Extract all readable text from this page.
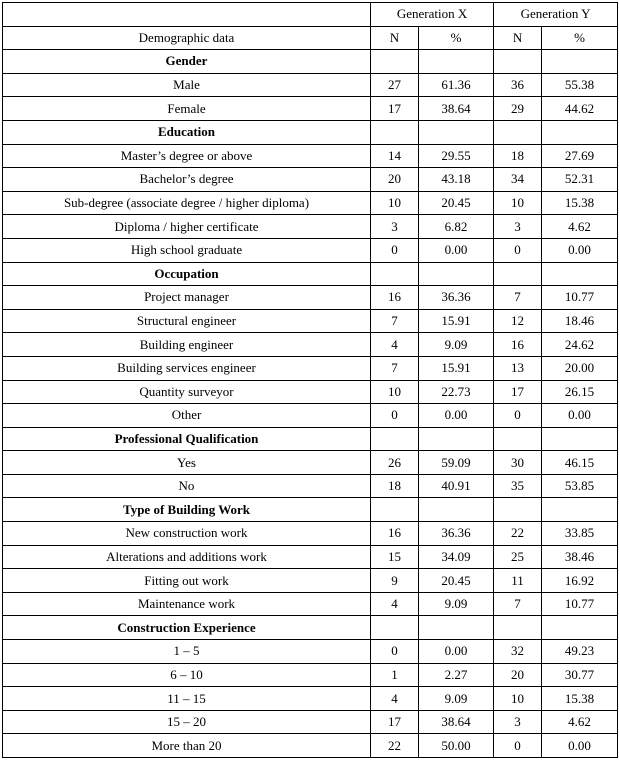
	Generation X		Generation Y	
Demographic data	N	%	N	%
Gender				
Male	27	61.36	36	55.38
Female	17	38.64	29	44.62
Education				
Master’s degree or above	14	29.55	18	27.69
Bachelor’s degree	20	43.18	34	52.31
Sub-degree (associate degree / higher diploma)	10	20.45	10	15.38
Diploma / higher certificate	3	6.82	3	4.62
High school graduate	0	0.00	0	0.00
Occupation				
Project manager	16	36.36	7	10.77
Structural engineer	7	15.91	12	18.46
Building engineer	4	9.09	16	24.62
Building services engineer	7	15.91	13	20.00
Quantity surveyor	10	22.73	17	26.15
Other	0	0.00	0	0.00
Professional Qualification				
Yes	26	59.09	30	46.15
No	18	40.91	35	53.85
Type of Building Work				
New construction work	16	36.36	22	33.85
Alterations and additions work	15	34.09	25	38.46
Fitting out work	9	20.45	11	16.92
Maintenance work	4	9.09	7	10.77
Construction Experience				
1 – 5	0	0.00	32	49.23
6 – 10	1	2.27	20	30.77
11 – 15	4	9.09	10	15.38
15 – 20	17	38.64	3	4.62
More than 20	22	50.00	0	0.00
